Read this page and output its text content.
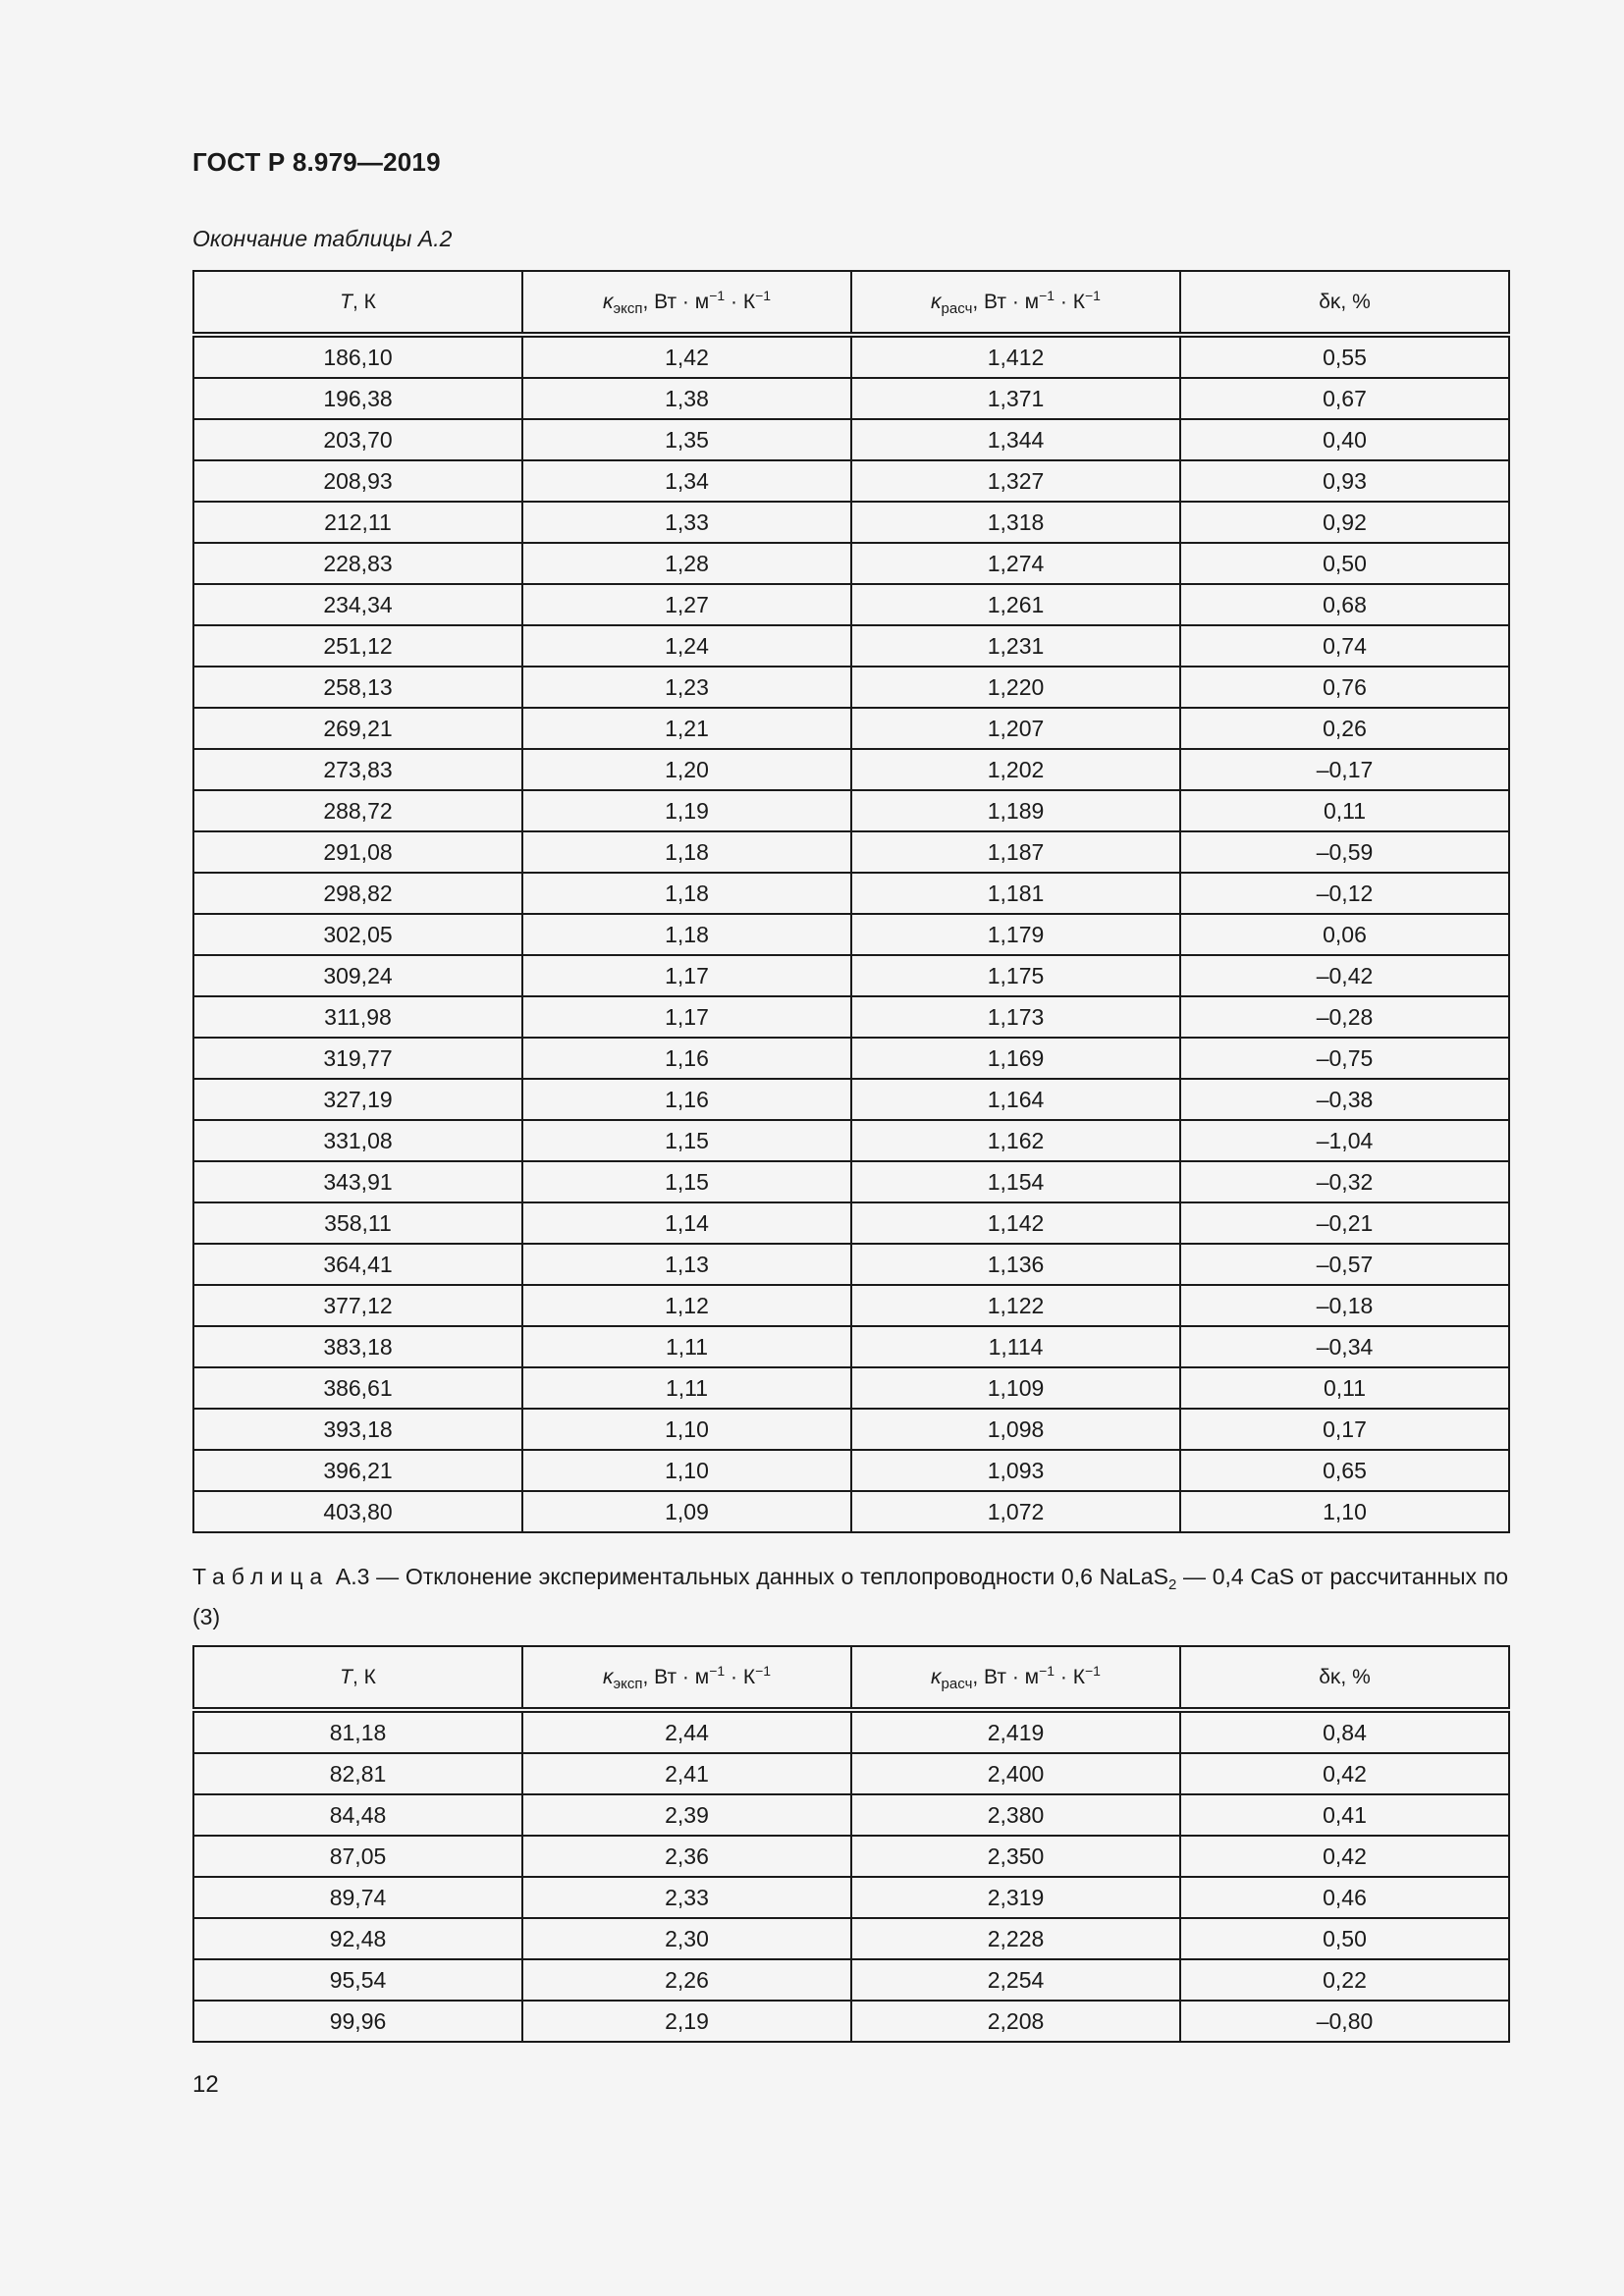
ГОСТ Р 8.979—2019
Окончание таблицы А.2
T, К	$\kappa_{эксп}$, Вт · $м^{-1} \cdot К^{-1}$	$\kappa_{расч}$, Вт · $м^{-1} \cdot К^{-1}$	δκ, %
186,10	1,42	1,412	0,55
196,38	1,38	1,371	0,67
203,70	1,35	1,344	0,40
208,93	1,34	1,327	0,93
212,11	1,33	1,318	0,92
228,83	1,28	1,274	0,50
234,34	1,27	1,261	0,68
251,12	1,24	1,231	0,74
258,13	1,23	1,220	0,76
269,21	1,21	1,207	0,26
273,83	1,20	1,202	–0,17
288,72	1,19	1,189	0,11
291,08	1,18	1,187	–0,59
298,82	1,18	1,181	–0,12
302,05	1,18	1,179	0,06
309,24	1,17	1,175	–0,42
311,98	1,17	1,173	–0,28
319,77	1,16	1,169	–0,75
327,19	1,16	1,164	–0,38
331,08	1,15	1,162	–1,04
343,91	1,15	1,154	–0,32
358,11	1,14	1,142	–0,21
364,41	1,13	1,136	–0,57
377,12	1,12	1,122	–0,18
383,18	1,11	1,114	–0,34
386,61	1,11	1,109	0,11
393,18	1,10	1,098	0,17
396,21	1,10	1,093	0,65
403,80	1,09	1,072	1,10
Таблица А.3 — Отклонение экспериментальных данных о теплопроводности 0,6 NaLaS$_2$ — 0,4 CaS от рассчитанных по (3)
T, К	$\kappa_{эксп}$, Вт · $м^{-1} \cdot К^{-1}$	$\kappa_{расч}$, Вт · $м^{-1} \cdot К^{-1}$	δκ, %
81,18	2,44	2,419	0,84
82,81	2,41	2,400	0,42
84,48	2,39	2,380	0,41
87,05	2,36	2,350	0,42
89,74	2,33	2,319	0,46
92,48	2,30	2,228	0,50
95,54	2,26	2,254	0,22
99,96	2,19	2,208	–0,80
12
